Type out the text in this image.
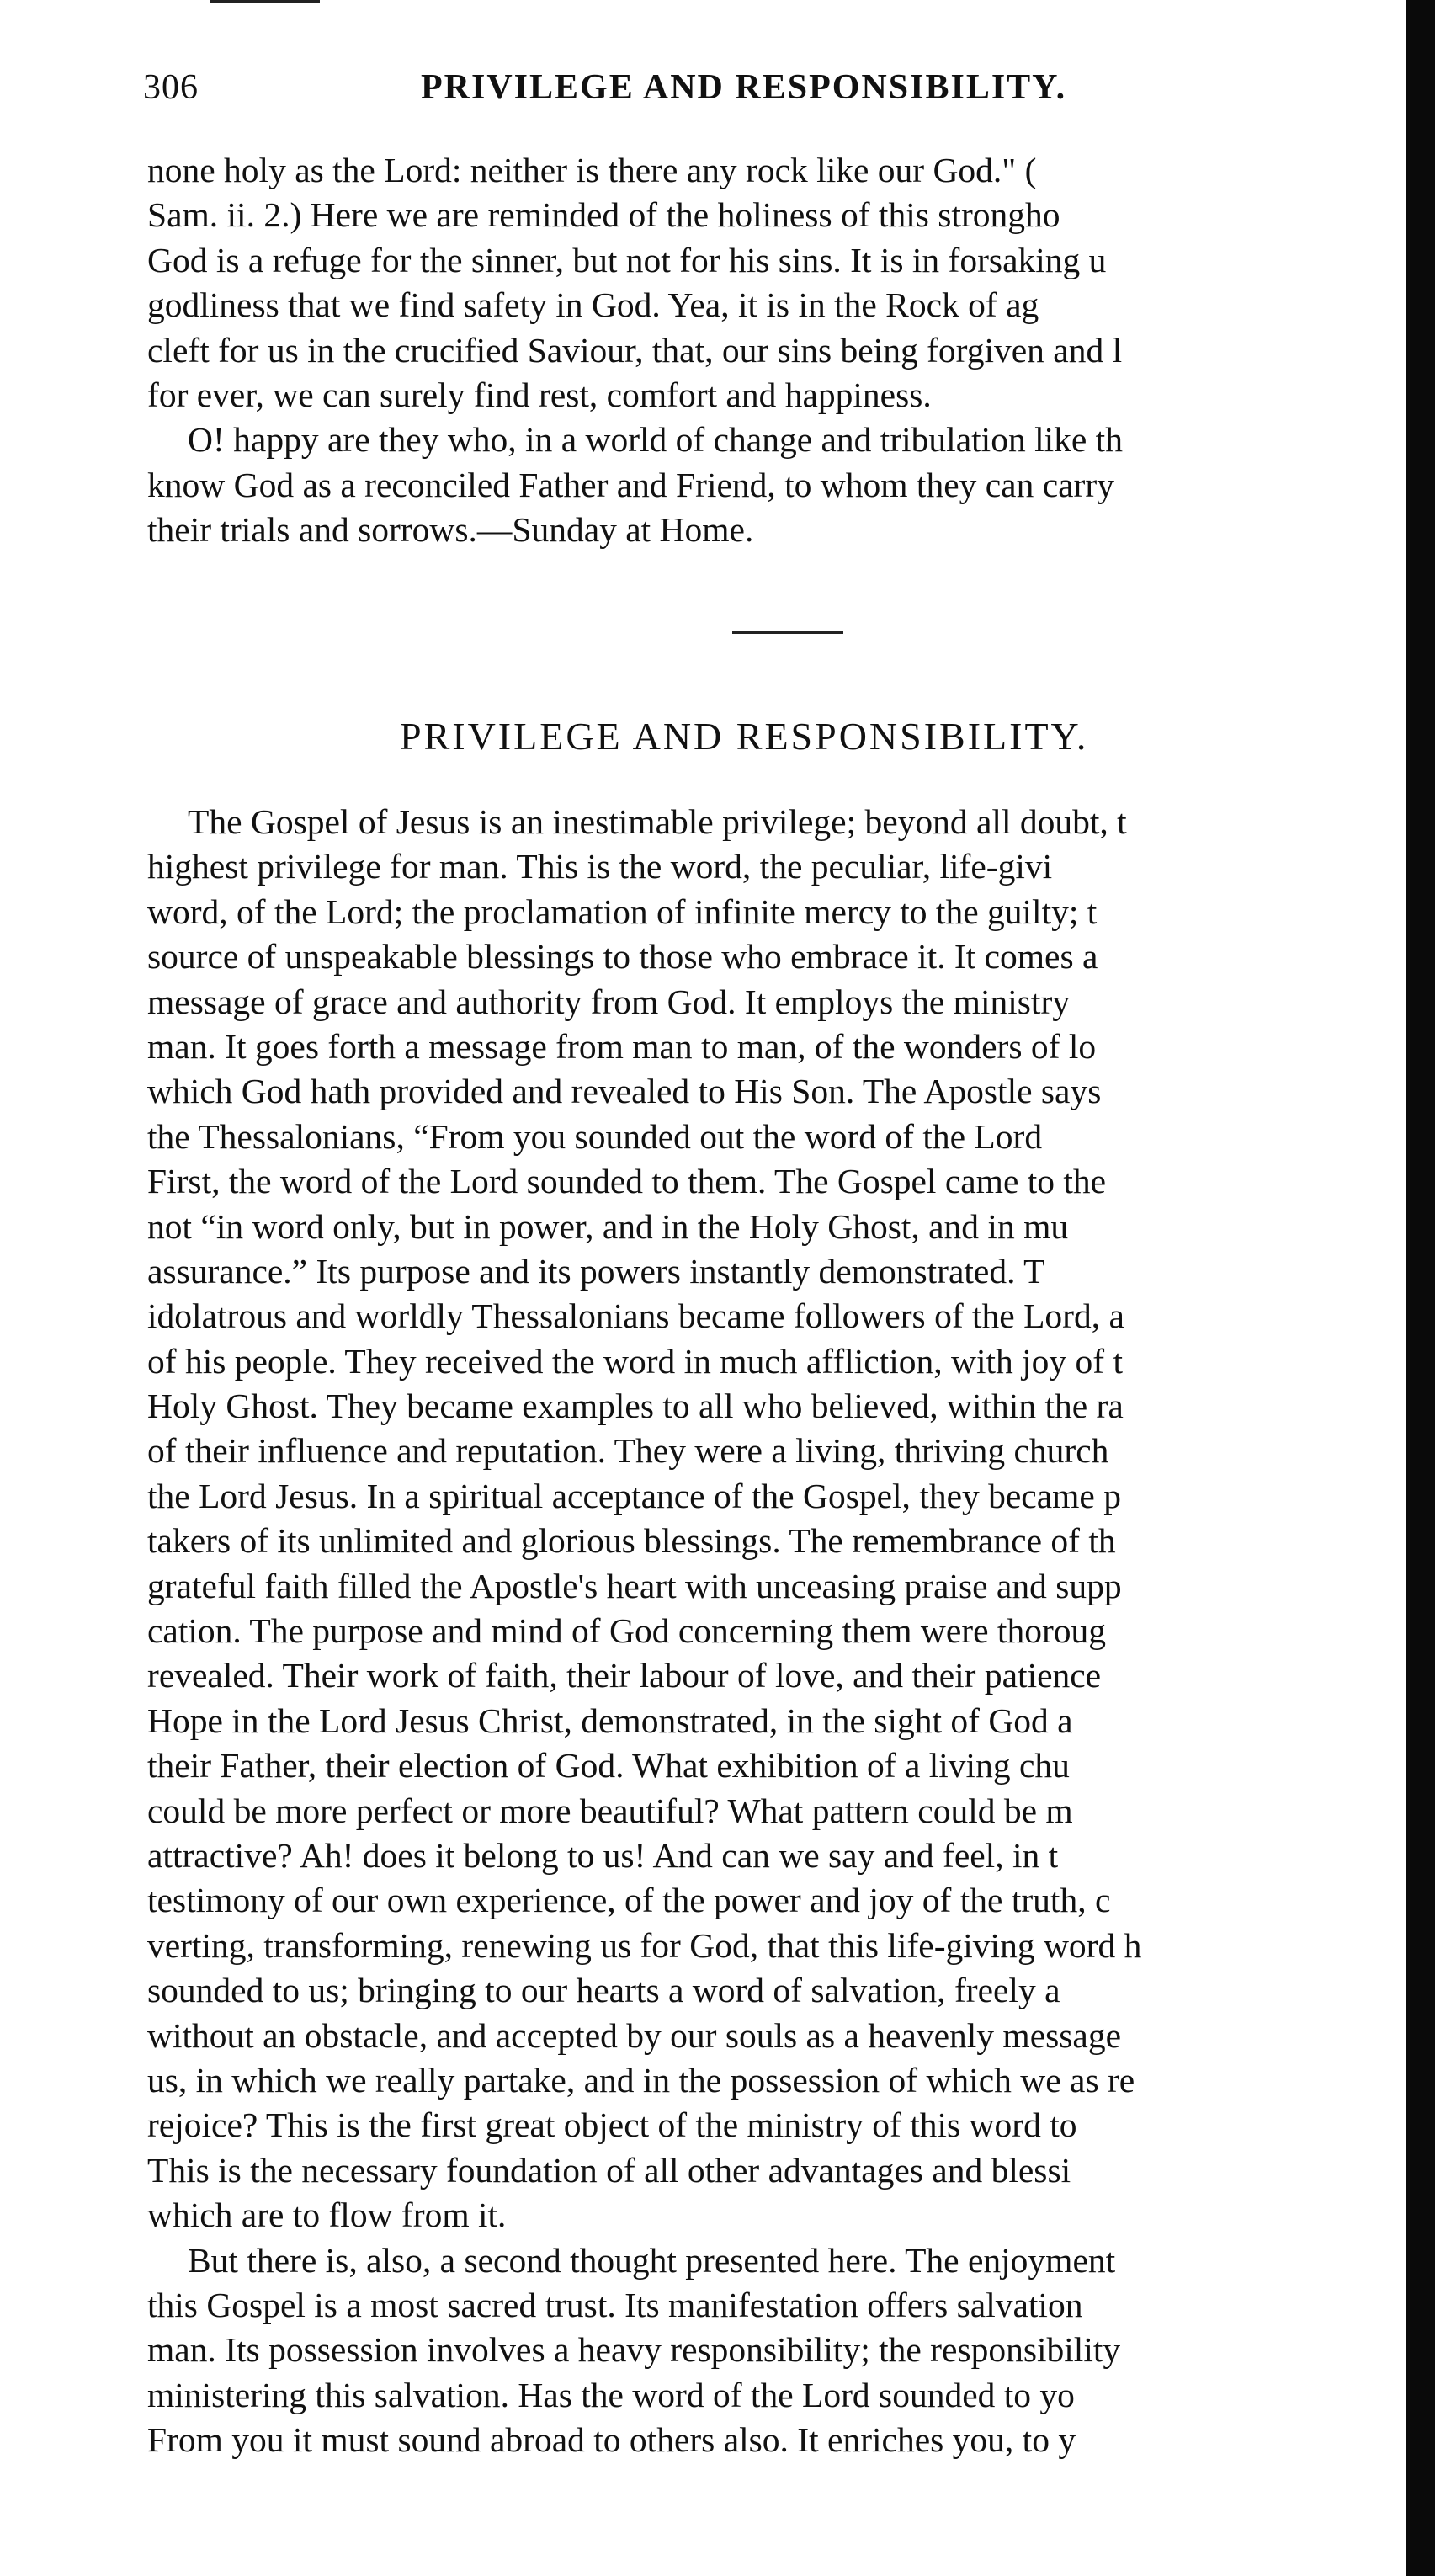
306	PRIVILEGE AND RESPONSIBILITY.
none holy as the Lord: neither is there any rock like our God." (
Sam. ii. 2.) Here we are reminded of the holiness of this strongho
God is a refuge for the sinner, but not for his sins. It is in forsaking u
godliness that we find safety in God. Yea, it is in the Rock of ag
cleft for us in the crucified Saviour, that, our sins being forgiven and l
for ever, we can surely find rest, comfort and happiness.
O! happy are they who, in a world of change and tribulation like th
know God as a reconciled Father and Friend, to whom they can carry
their trials and sorrows.—Sunday at Home.
PRIVILEGE AND RESPONSIBILITY.
The Gospel of Jesus is an inestimable privilege; beyond all doubt, t
highest privilege for man. This is the word, the peculiar, life-givi
word, of the Lord; the proclamation of infinite mercy to the guilty; t
source of unspeakable blessings to those who embrace it. It comes a
message of grace and authority from God. It employs the ministry
man. It goes forth a message from man to man, of the wonders of lo
which God hath provided and revealed to His Son. The Apostle says
the Thessalonians, “From you sounded out the word of the Lord
First, the word of the Lord sounded to them. The Gospel came to the
not “in word only, but in power, and in the Holy Ghost, and in mu
assurance.” Its purpose and its powers instantly demonstrated. T
idolatrous and worldly Thessalonians became followers of the Lord, a
of his people. They received the word in much affliction, with joy of t
Holy Ghost. They became examples to all who believed, within the ra
of their influence and reputation. They were a living, thriving church
the Lord Jesus. In a spiritual acceptance of the Gospel, they became p
takers of its unlimited and glorious blessings. The remembrance of th
grateful faith filled the Apostle's heart with unceasing praise and supp
cation. The purpose and mind of God concerning them were thoroug
revealed. Their work of faith, their labour of love, and their patience
Hope in the Lord Jesus Christ, demonstrated, in the sight of God a
their Father, their election of God. What exhibition of a living chu
could be more perfect or more beautiful? What pattern could be m
attractive? Ah! does it belong to us! And can we say and feel, in t
testimony of our own experience, of the power and joy of the truth, c
verting, transforming, renewing us for God, that this life-giving word h
sounded to us; bringing to our hearts a word of salvation, freely a
without an obstacle, and accepted by our souls as a heavenly message
us, in which we really partake, and in the possession of which we as re
rejoice? This is the first great object of the ministry of this word to
This is the necessary foundation of all other advantages and blessi
which are to flow from it.
But there is, also, a second thought presented here. The enjoyment
this Gospel is a most sacred trust. Its manifestation offers salvation
man. Its possession involves a heavy responsibility; the responsibility
ministering this salvation. Has the word of the Lord sounded to yo
From you it must sound abroad to others also. It enriches you, to y
